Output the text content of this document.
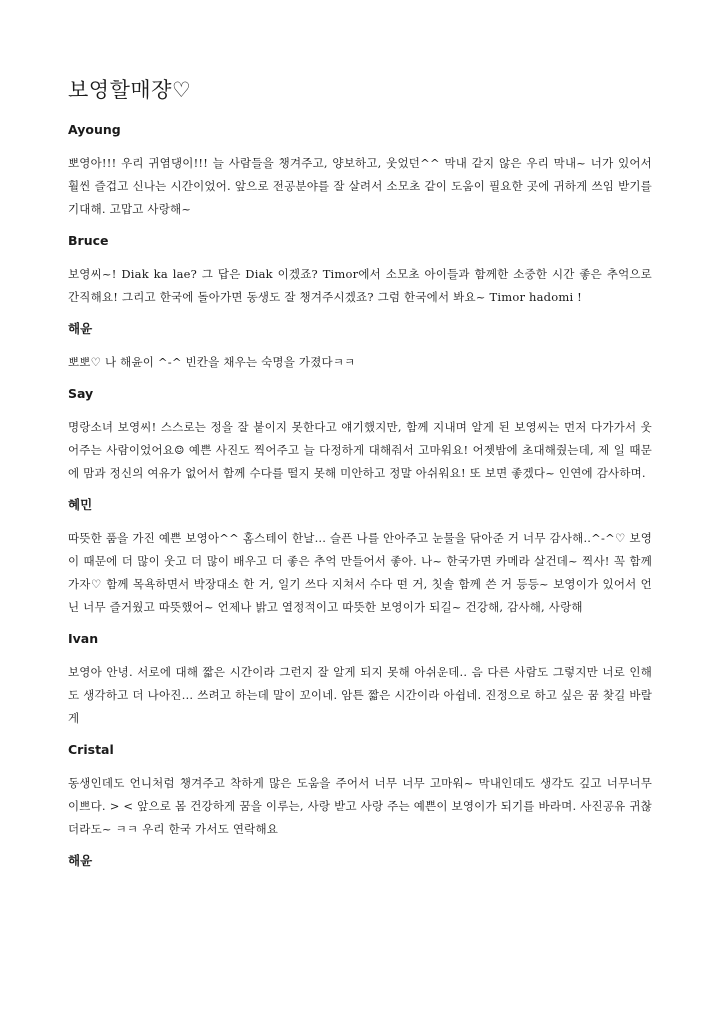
보영할매쟝♡
Ayoung

뽀영아!!! 우리 귀염댕이!!! 늘 사람들을 챙겨주고, 양보하고, 웃었던^^ 막내 같지 않은 우리 막내~ 너가 있어서 훨씬 즐겁고 신나는 시간이었어. 앞으로 전공분야를 잘 살려서 소모초 같이 도움이 필요한 곳에 귀하게 쓰임 받기를 기대해. 고맙고 사랑해~

Bruce

보영씨~! Diak ka lae? 그 답은 Diak 이겠죠? Timor에서 소모초 아이들과 함께한 소중한 시간 좋은 추억으로 간직해요! 그리고 한국에 돌아가면 동생도 잘 챙겨주시겠죠? 그럼 한국에서 봐요~ Timor hadomi !

해윤

뽀뽀♡ 나 해윤이 ^-^ 빈칸을 채우는 숙명을 가졌다ㅋㅋ

Say

명랑소녀 보영씨! 스스로는 정을 잘 붙이지 못한다고 얘기했지만, 함께 지내며 알게 된 보영씨는 먼저 다가가서 웃어주는 사람이었어요☺ 예쁜 사진도 찍어주고 늘 다정하게 대해줘서 고마워요! 어젯밤에 초대해줬는데, 제 일 때문에 맘과 정신의 여유가 없어서 함께 수다를 떨지 못해 미안하고 정말 아쉬워요! 또 보면 좋겠다~ 인연에 감사하며.

혜민

따뜻한 품을 가진 예쁜 보영아^^ 홈스테이 한날... 슬픈 나를 안아주고 눈물을 닦아준 거 너무 감사해..^-^♡ 보영이 때문에 더 많이 웃고 더 많이 배우고 더 좋은 추억 만들어서 좋아. 나~ 한국가면 카메라 살건데~ 찍사! 꼭 함께 가자♡ 함께 목욕하면서 박장대소 한 거, 일기 쓰다 지쳐서 수다 떤 거, 칫솔 함께 쓴 거 등등~ 보영이가 있어서 언닌 너무 즐거웠고 따뜻했어~ 언제나 밝고 열정적이고 따뜻한 보영이가 되길~ 건강해, 감사해, 사랑해

Ivan

보영아 안녕. 서로에 대해 짧은 시간이라 그런지 잘 알게 되지 못해 아쉬운데.. 음 다른 사람도 그렇지만 너로 인해도 생각하고 더 나아진… 쓰려고 하는데 말이 꼬이네. 암튼 짧은 시간이라 아쉽네. 진정으로 하고 싶은 꿈 찾길 바랄게

Cristal

동생인데도 언니처럼 챙겨주고 착하게 많은 도움을 주어서 너무 너무 고마워~ 막내인데도 생각도 깊고 너무너무 이쁘다. > < 앞으로 몸 건강하게 꿈을 이루는, 사랑 받고 사랑 주는 예쁜이 보영이가 되기를 바라며. 사진공유 귀찮더라도~ ㅋㅋ 우리 한국 가서도 연락해요

해윤
